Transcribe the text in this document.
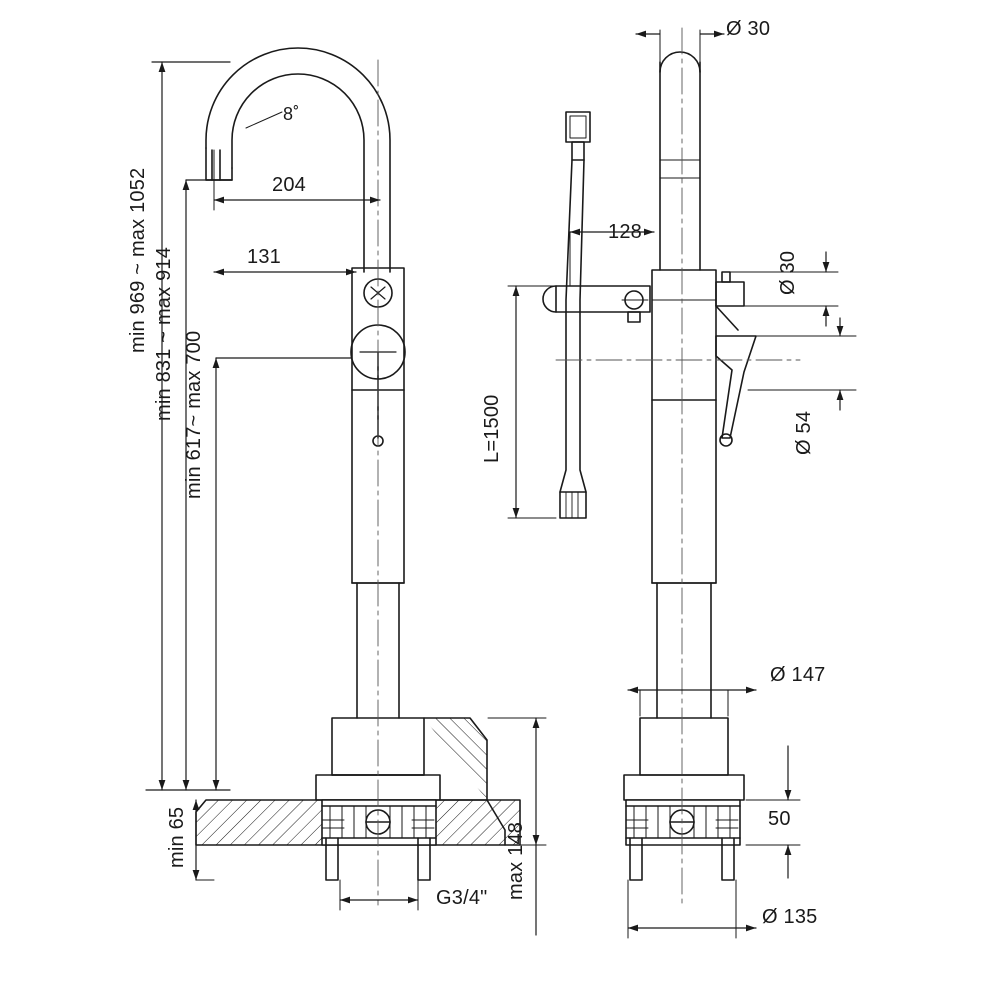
8˚
204
131
min 969 ~ max 1052 min 831 ~ max 914 min 617~ max 700
min 65
G3/4" max 148
L=1500
128
Ø 30
Ø 30
Ø 54
Ø 147
50
Ø 135
